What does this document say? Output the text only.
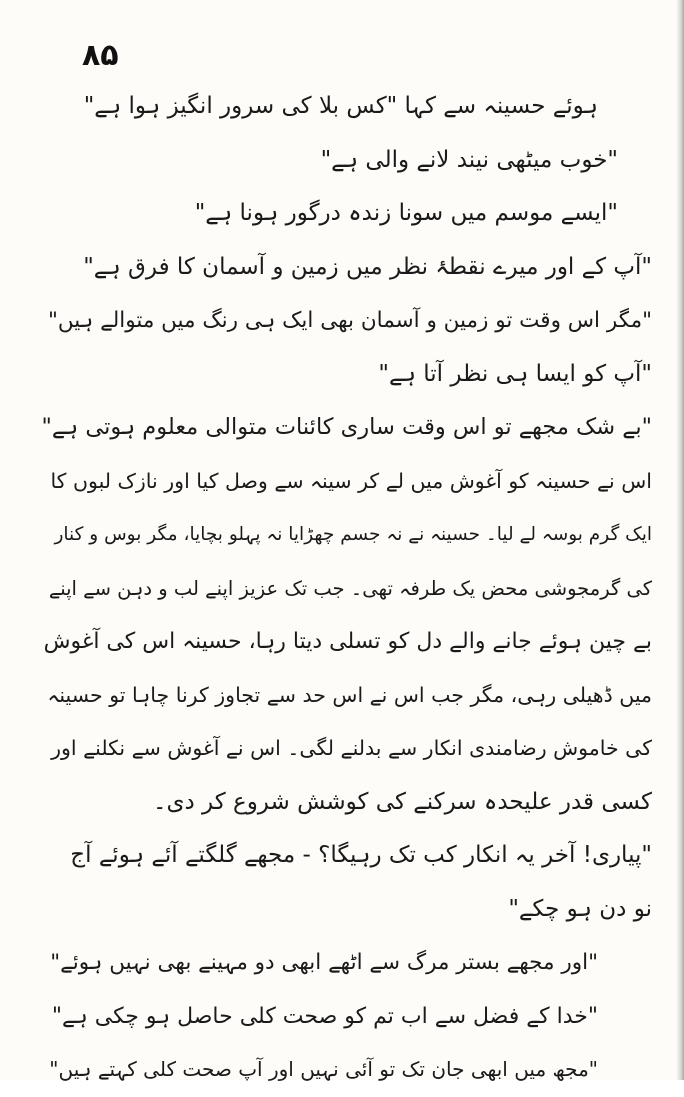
۸۵
ہوئے حسینہ سے کہا "کس بلا کی سرور انگیز ہوا ہے"
"خوب میٹھی نیند لانے والی ہے"
"ایسے موسم میں سونا زندہ درگور ہونا ہے"
"آپ کے اور میرے نقطۂ نظر میں زمین و آسمان کا فرق ہے"
"مگر اس وقت تو زمین و آسمان بھی ایک ہی رنگ میں متوالے ہیں"
"آپ کو ایسا ہی نظر آتا ہے"
"بے شک مجھے تو اس وقت ساری کائنات متوالی معلوم ہوتی ہے"
اس نے حسینہ کو آغوش میں لے کر سینہ سے وصل کیا اور نازک لبوں کا
ایک گرم بوسہ لے لیا۔ حسینہ نے نہ جسم چھڑایا نہ پہلو بچایا، مگر بوس و کنار
کی گرمجوشی محض یک طرفہ تھی۔ جب تک عزیز اپنے لب و دہن سے اپنے
بے چین ہوئے جانے والے دل کو تسلی دیتا رہا، حسینہ اس کی آغوش
میں ڈھیلی رہی، مگر جب اس نے اس حد سے تجاوز کرنا چاہا تو حسینہ
کی خاموش رضامندی انکار سے بدلنے لگی۔ اس نے آغوش سے نکلنے اور
کسی قدر علیحدہ سرکنے کی کوشش شروع کر دی۔
"پیاری! آخر یہ انکار کب تک رہیگا؟ - مجھے گلگتے آئے ہوئے آج
نو دن ہو چکے"
"اور مجھے بستر مرگ سے اٹھے ابھی دو مہینے بھی نہیں ہوئے"
"خدا کے فضل سے اب تم کو صحت کلی حاصل ہو چکی ہے"
"مجھ میں ابھی جان تک تو آئی نہیں اور آپ صحت کلی کہتے ہیں"
